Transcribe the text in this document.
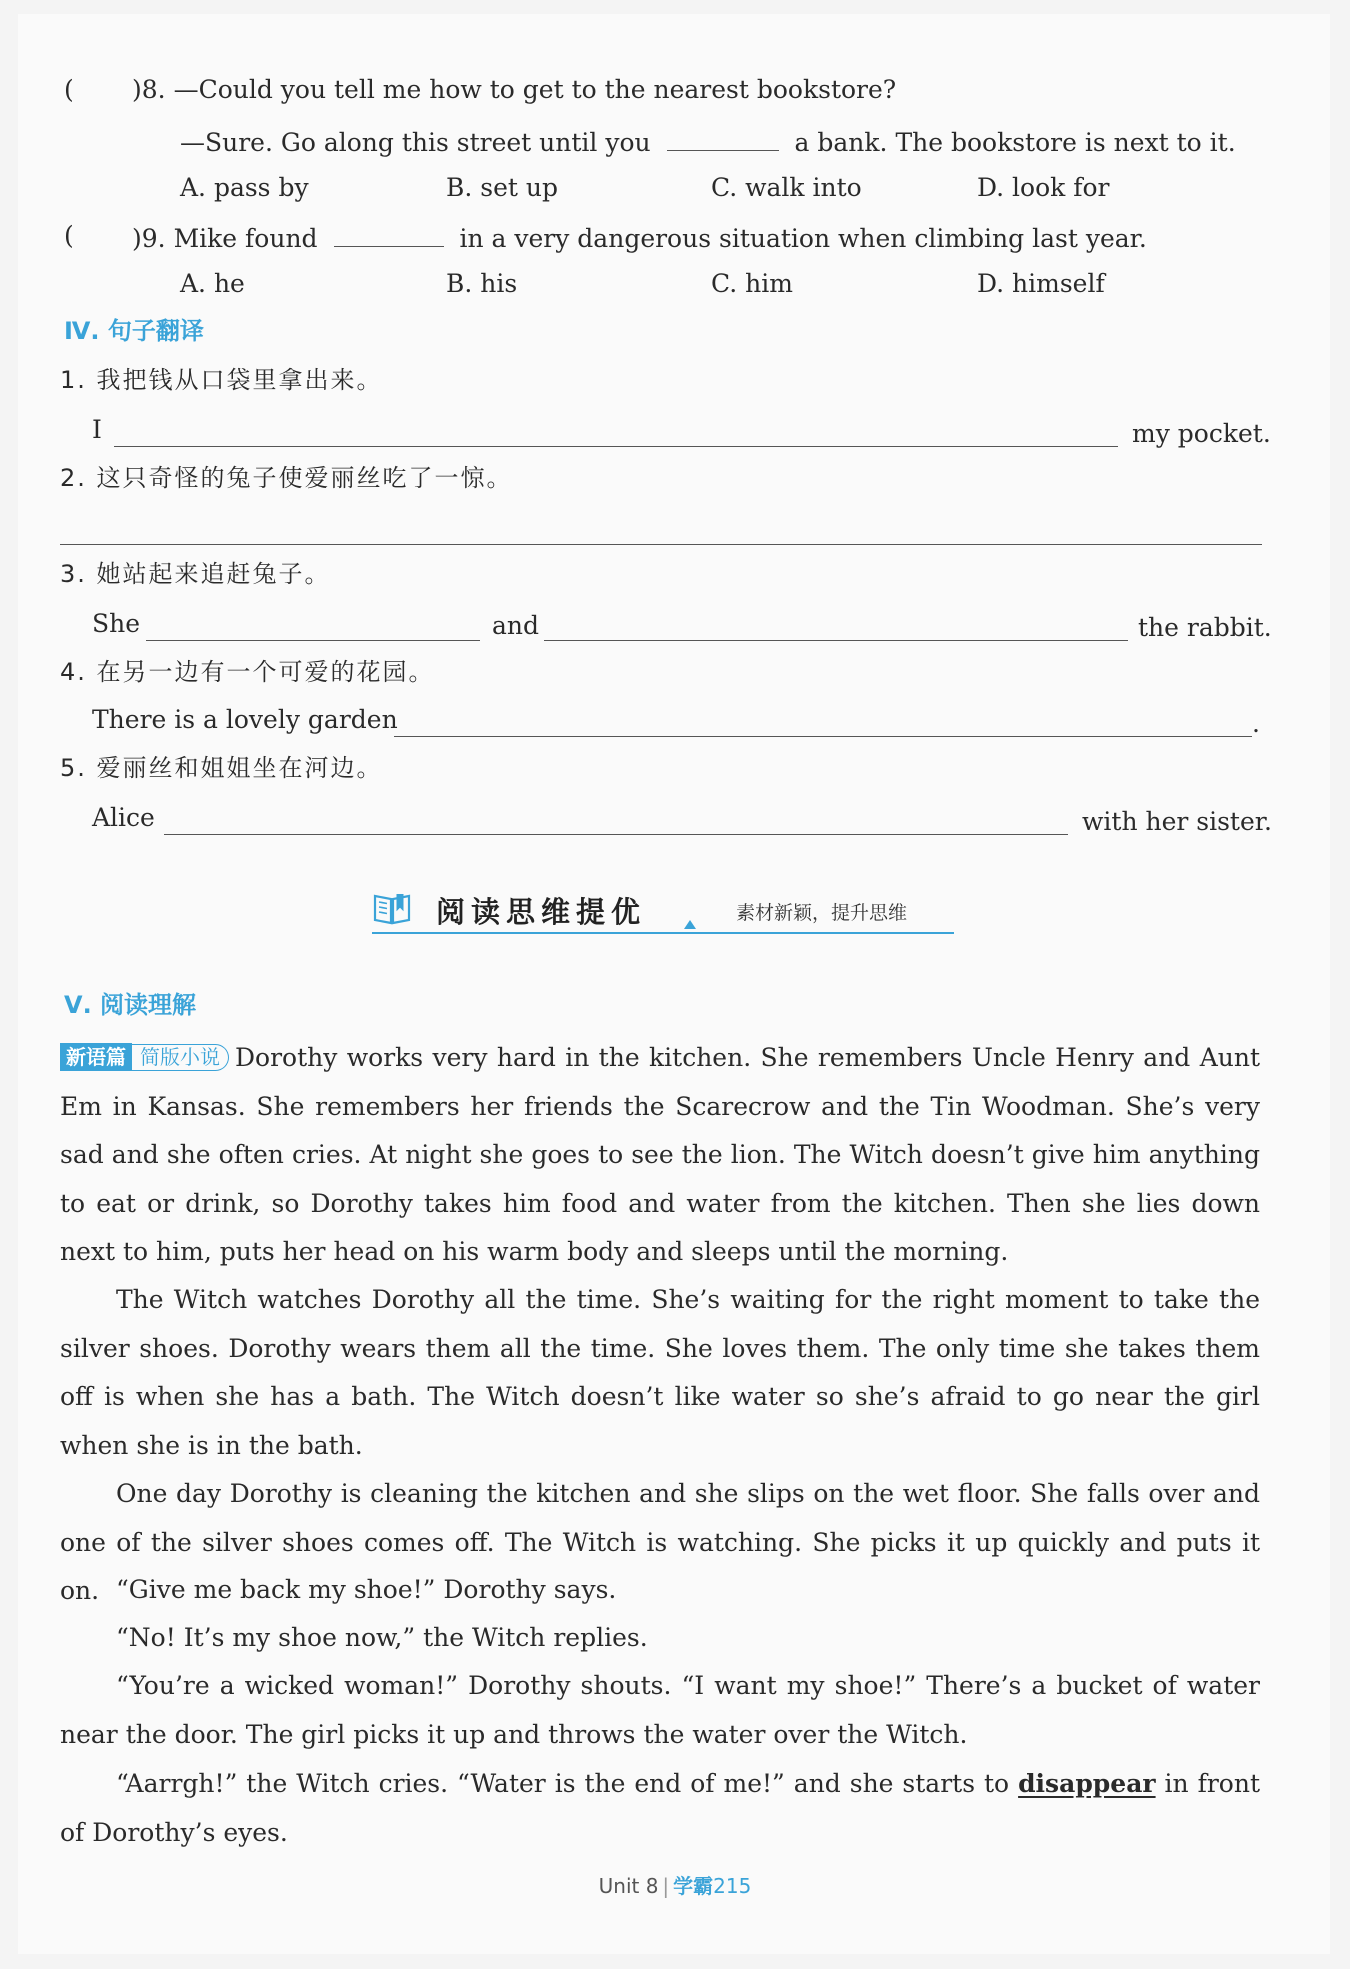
( )8. —Could you tell me how to get to the nearest bookstore?
—Sure. Go along this street until you	a bank. The bookstore is next to it.
A. pass by	B. set up	C. walk into	D. look for
( )9. Mike found	in a very dangerous situation when climbing last year.
A. he	B. his	C. him	D. himself
Ⅳ. 句子翻译
1. 我把钱从口袋里拿出来。
I	my pocket.
2. 这只奇怪的兔子使爱丽丝吃了一惊。
3. 她站起来追赶兔子。
She	and	the rabbit.
4. 在另一边有一个可爱的花园。
There is a lovely garden	.
5. 爱丽丝和姐姐坐在河边。
Alice	with her sister.
阅读思维提优	素材新颖，提升思维
Ⅴ. 阅读理解
新语篇 简版小说 Dorothy works very hard in the kitchen. She remembers Uncle Henry and Aunt Em in Kansas. She remembers her friends the Scarecrow and the Tin Woodman. She’s very sad and she often cries. At night she goes to see the lion. The Witch doesn’t give him anything to eat or drink, so Dorothy takes him food and water from the kitchen. Then she lies down next to him, puts her head on his warm body and sleeps until the morning.
The Witch watches Dorothy all the time. She’s waiting for the right moment to take the silver shoes. Dorothy wears them all the time. She loves them. The only time she takes them off is when she has a bath. The Witch doesn’t like water so she’s afraid to go near the girl when she is in the bath.
One day Dorothy is cleaning the kitchen and she slips on the wet floor. She falls over and one of the silver shoes comes off. The Witch is watching. She picks it up quickly and puts it on. “Give me back my shoe!” Dorothy says.
“No! It’s my shoe now,” the Witch replies.
“You’re a wicked woman!” Dorothy shouts. “I want my shoe!” There’s a bucket of water near the door. The girl picks it up and throws the water over the Witch.
“Aarrgh!” the Witch cries. “Water is the end of me!” and she starts to disappear in front of Dorothy’s eyes.
Unit 8 | 学霸215
